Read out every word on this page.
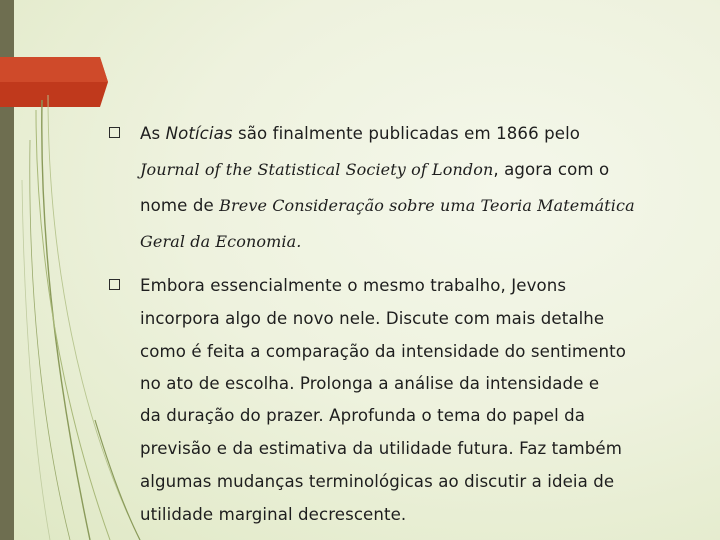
As Notícias são finalmente publicadas em 1866 pelo
Journal of the Statistical Society of London, agora com o
nome de Breve Consideração sobre uma Teoria Matemática
Geral da Economia.
Embora essencialmente o mesmo trabalho, Jevons
incorpora algo de novo nele. Discute com mais detalhe
como é feita a comparação da intensidade do sentimento
no ato de escolha. Prolonga a análise da intensidade e
da duração do prazer. Aprofunda o tema do papel da
previsão e da estimativa da utilidade futura. Faz também
algumas mudanças terminológicas ao discutir a ideia de
utilidade marginal decrescente.
